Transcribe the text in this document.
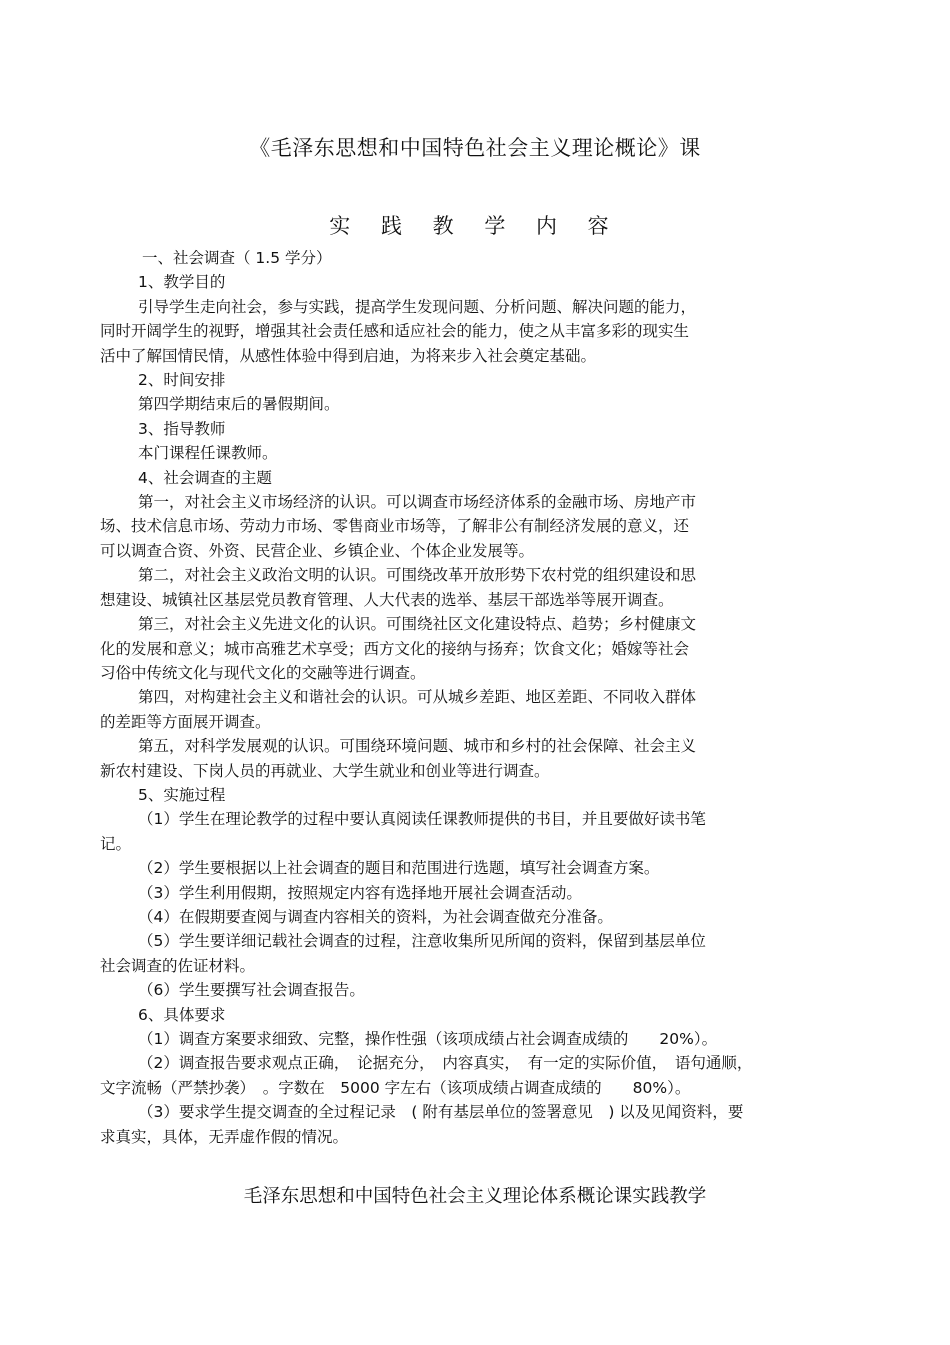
《毛泽东思想和中国特色社会主义理论概论》课
实 践 教 学 内 容
一、社会调查（ 1.5 学分）
1、教学目的
引导学生走向社会，参与实践，提高学生发现问题、分析问题、解决问题的能力，
同时开阔学生的视野，增强其社会责任感和适应社会的能力，使之从丰富多彩的现实生
活中了解国情民情，从感性体验中得到启迪，为将来步入社会奠定基础。
2、时间安排
第四学期结束后的暑假期间。
3、指导教师
本门课程任课教师。
4、社会调查的主题
第一，对社会主义市场经济的认识。可以调查市场经济体系的金融市场、房地产市
场、技术信息市场、劳动力市场、零售商业市场等，了解非公有制经济发展的意义，还
可以调查合资、外资、民营企业、乡镇企业、个体企业发展等。
第二，对社会主义政治文明的认识。可围绕改革开放形势下农村党的组织建设和思
想建设、城镇社区基层党员教育管理、人大代表的选举、基层干部选举等展开调查。
第三，对社会主义先进文化的认识。可围绕社区文化建设特点、趋势；乡村健康文
化的发展和意义；城市高雅艺术享受；西方文化的接纳与扬弃；饮食文化；婚嫁等社会
习俗中传统文化与现代文化的交融等进行调查。
第四，对构建社会主义和谐社会的认识。可从城乡差距、地区差距、不同收入群体
的差距等方面展开调查。
第五，对科学发展观的认识。可围绕环境问题、城市和乡村的社会保障、社会主义
新农村建设、下岗人员的再就业、大学生就业和创业等进行调查。
5、实施过程
（1）学生在理论教学的过程中要认真阅读任课教师提供的书目，并且要做好读书笔
记。
（2）学生要根据以上社会调查的题目和范围进行选题，填写社会调查方案。
（3）学生利用假期，按照规定内容有选择地开展社会调查活动。
（4）在假期要查阅与调查内容相关的资料，为社会调查做充分准备。
（5）学生要详细记载社会调查的过程，注意收集所见所闻的资料，保留到基层单位
社会调查的佐证材料。
（6）学生要撰写社会调查报告。
6、具体要求
（1）调查方案要求细致、完整，操作性强（该项成绩占社会调查成绩的　　20%）。
（2）调查报告要求观点正确，　论据充分，　内容真实，　有一定的实际价值，　语句通顺，
文字流畅（严禁抄袭）　。字数在　5000 字左右（该项成绩占调查成绩的　　80%）。
（3）要求学生提交调查的全过程记录　( 附有基层单位的签署意见　) 以及见闻资料，要
求真实，具体，无弄虚作假的情况。
毛泽东思想和中国特色社会主义理论体系概论课实践教学
